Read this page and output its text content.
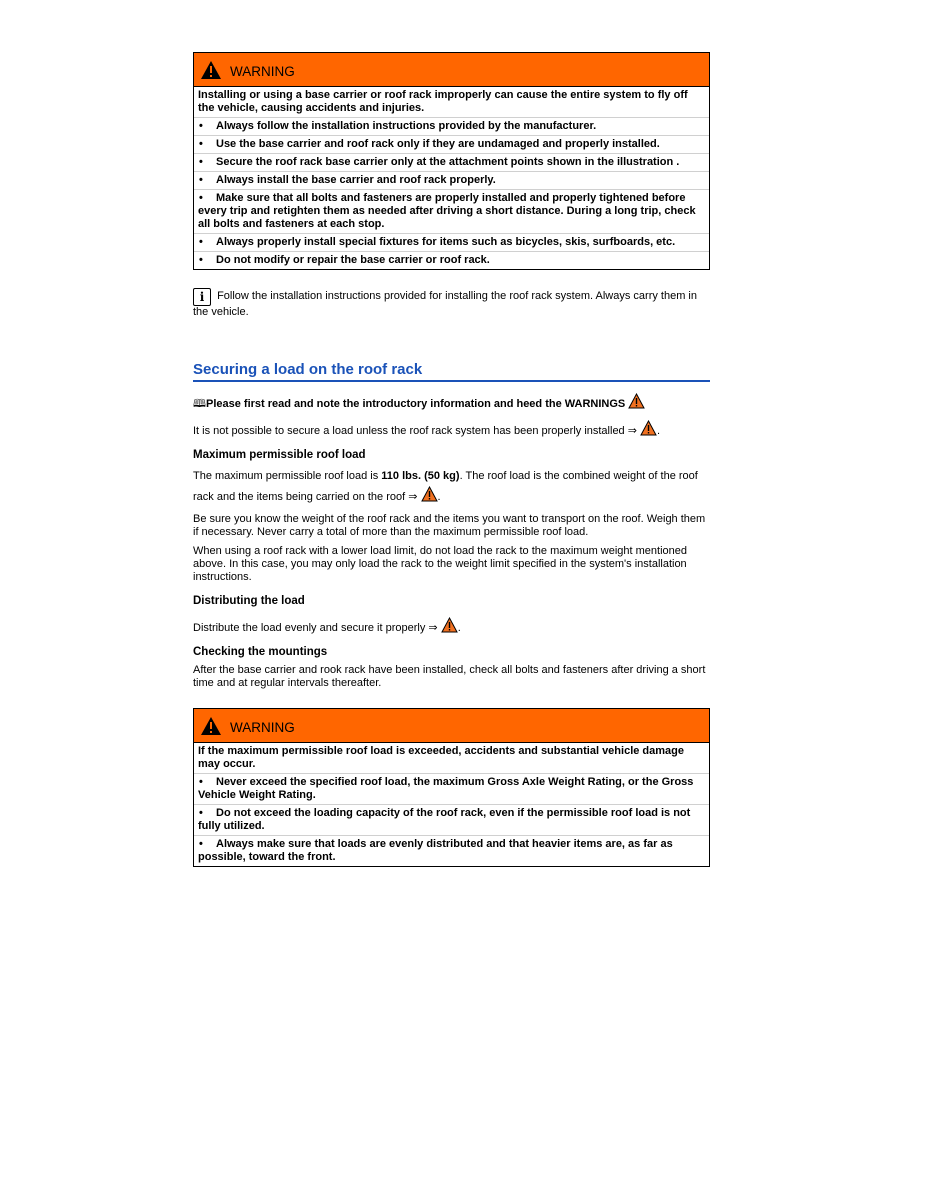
WARNING
Installing or using a base carrier or roof rack improperly can cause the entire system to fly off the vehicle, causing accidents and injuries.
• Always follow the installation instructions provided by the manufacturer.
• Use the base carrier and roof rack only if they are undamaged and properly installed.
• Secure the roof rack base carrier only at the attachment points shown in the illustration .
• Always install the base carrier and roof rack properly.
• Make sure that all bolts and fasteners are properly installed and properly tightened before every trip and retighten them as needed after driving a short distance. During a long trip, check all bolts and fasteners at each stop.
• Always properly install special fixtures for items such as bicycles, skis, surfboards, etc.
• Do not modify or repair the base carrier or roof rack.
i Follow the installation instructions provided for installing the roof rack system. Always carry them in the vehicle.
Securing a load on the roof rack
🕮Please first read and note the introductory information and heed the WARNINGS
It is not possible to secure a load unless the roof rack system has been properly installed ⇒ .
Maximum permissible roof load
The maximum permissible roof load is 110 lbs. (50 kg). The roof load is the combined weight of the roof rack and the items being carried on the roof ⇒ .
Be sure you know the weight of the roof rack and the items you want to transport on the roof. Weigh them if necessary. Never carry a total of more than the maximum permissible roof load.
When using a roof rack with a lower load limit, do not load the rack to the maximum weight mentioned above. In this case, you may only load the rack to the weight limit specified in the system's installation instructions.
Distributing the load
Distribute the load evenly and secure it properly ⇒ .
Checking the mountings
After the base carrier and rook rack have been installed, check all bolts and fasteners after driving a short time and at regular intervals thereafter.
WARNING
If the maximum permissible roof load is exceeded, accidents and substantial vehicle damage may occur.
• Never exceed the specified roof load, the maximum Gross Axle Weight Rating, or the Gross Vehicle Weight Rating.
• Do not exceed the loading capacity of the roof rack, even if the permissible roof load is not fully utilized.
• Always make sure that loads are evenly distributed and that heavier items are, as far as possible, toward the front.
